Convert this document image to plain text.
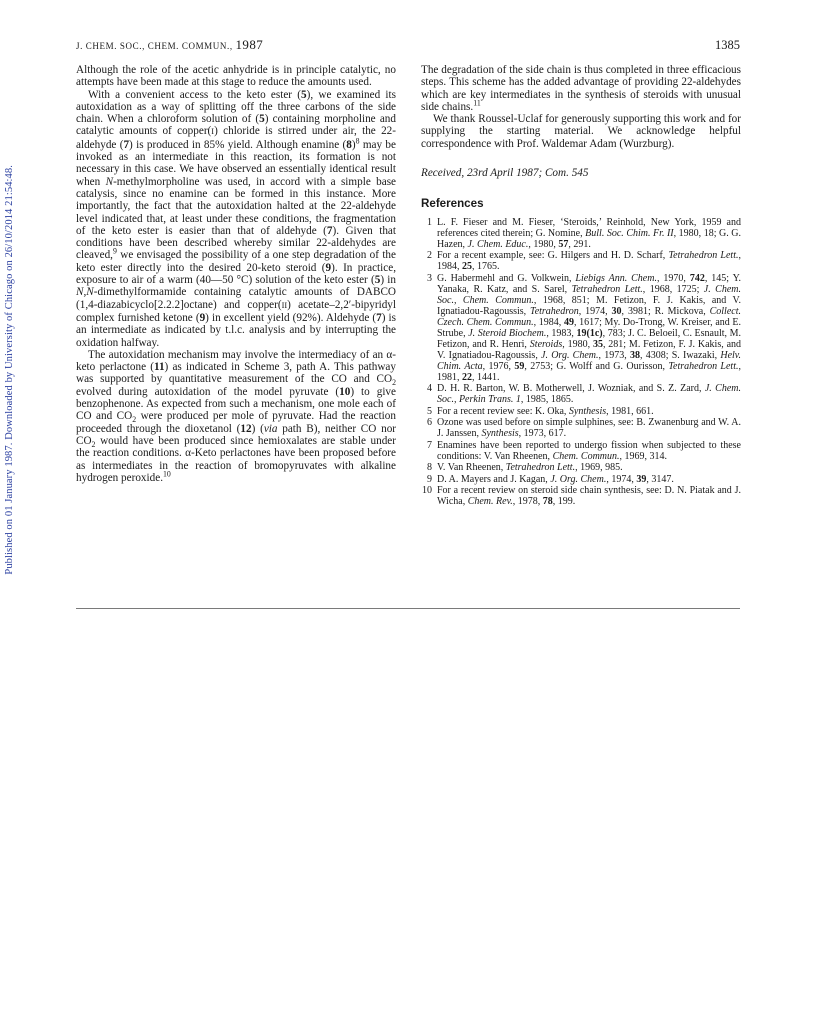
Published on 01 January 1987. Downloaded by University of Chicago on 26/10/2014 21:54:48.
J. CHEM. SOC., CHEM. COMMUN., 1987	1385

Although the role of the acetic anhydride is in principle catalytic, no attempts have been made at this stage to reduce the amounts used.

With a convenient access to the keto ester (5), we examined its autoxidation as a way of splitting off the three carbons of the side chain. When a chloroform solution of (5) containing morpholine and catalytic amounts of copper(I) chloride is stirred under air, the 22-aldehyde (7) is produced in 85% yield. Although enamine $(8)^8$ may be invoked as an intermediate in this reaction, its formation is not necessary in this case. We have observed an essentially identical result when N-methylmorpholine was used, in accord with a simple base catalysis, since no enamine can be formed in this instance. More importantly, the fact that the autoxidation halted at the 22-aldehyde level indicated that, at least under these conditions, the fragmentation of the keto ester is easier than that of aldehyde (7). Given that conditions have been described whereby similar 22-aldehydes are cleaved,$^9$ we envisaged the possibility of a one step degradation of the keto ester directly into the desired 20-keto steroid (9). In practice, exposure to air of a warm (40—50 °C) solution of the keto ester (5) in N,N-dimethylformamide containing catalytic amounts of DABCO (1,4-diazabicyclo[2.2.2]octane) and copper(II) acetate–2,2′-bipyridyl complex furnished ketone (9) in excellent yield (92%). Aldehyde (7) is an intermediate as indicated by t.l.c. analysis and by interrupting the oxidation halfway.

The autoxidation mechanism may involve the intermediacy of an α-keto perlactone (11) as indicated in Scheme 3, path A. This pathway was supported by quantitative measurement of the CO and $CO_2$ evolved during autoxidation of the model pyruvate (10) to give benzophenone. As expected from such a mechanism, one mole each of CO and $CO_2$ were produced per mole of pyruvate. Had the reaction proceeded through the dioxetanol (12) (via path B), neither CO nor $CO_2$ would have been produced since hemioxalates are stable under the reaction conditions. α-Keto perlactones have been proposed before as intermediates in the reaction of bromopyruvates with alkaline hydrogen peroxide.$^{10}$

The degradation of the side chain is thus completed in three efficacious steps. This scheme has the added advantage of providing 22-aldehydes which are key intermediates in the synthesis of steroids with unusual side chains.$^{11}$

We thank Roussel-Uclaf for generously supporting this work and for supplying the starting material. We acknowledge helpful correspondence with Prof. Waldemar Adam (Wurzburg).

Received, 23rd April 1987; Com. 545

References
1 L. F. Fieser and M. Fieser, ‘Steroids,’ Reinhold, New York, 1959 and references cited therein; G. Nomine, Bull. Soc. Chim. Fr. II, 1980, 18; G. G. Hazen, J. Chem. Educ., 1980, 57, 291.
2 For a recent example, see: G. Hilgers and H. D. Scharf, Tetrahedron Lett., 1984, 25, 1765.
3 G. Habermehl and G. Volkwein, Liebigs Ann. Chem., 1970, 742, 145; Y. Yanaka, R. Katz, and S. Sarel, Tetrahedron Lett., 1968, 1725; J. Chem. Soc., Chem. Commun., 1968, 851; M. Fetizon, F. J. Kakis, and V. Ignatiadou-Ragoussis, Tetrahedron, 1974, 30, 3981; R. Mickova, Collect. Czech. Chem. Commun., 1984, 49, 1617; My. Do-Trong, W. Kreiser, and E. Strube, J. Steroid Biochem., 1983, 19(1c), 783; J. C. Beloeil, C. Esnault, M. Fetizon, and R. Henri, Steroids, 1980, 35, 281; M. Fetizon, F. J. Kakis, and V. Ignatiadou-Ragoussis, J. Org. Chem., 1973, 38, 4308; S. Iwazaki, Helv. Chim. Acta, 1976, 59, 2753; G. Wolff and G. Ourisson, Tetrahedron Lett., 1981, 22, 1441.
4 D. H. R. Barton, W. B. Motherwell, J. Wozniak, and S. Z. Zard, J. Chem. Soc., Perkin Trans. 1, 1985, 1865.
5 For a recent review see: K. Oka, Synthesis, 1981, 661.
6 Ozone was used before on simple sulphines, see: B. Zwanenburg and W. A. J. Janssen, Synthesis, 1973, 617.
7 Enamines have been reported to undergo fission when subjected to these conditions: V. Van Rheenen, Chem. Commun., 1969, 314.
8 V. Van Rheenen, Tetrahedron Lett., 1969, 985.
9 D. A. Mayers and J. Kagan, J. Org. Chem., 1974, 39, 3147.
10 For a recent review on steroid side chain synthesis, see: D. N. Piatak and J. Wicha, Chem. Rev., 1978, 78, 199.
